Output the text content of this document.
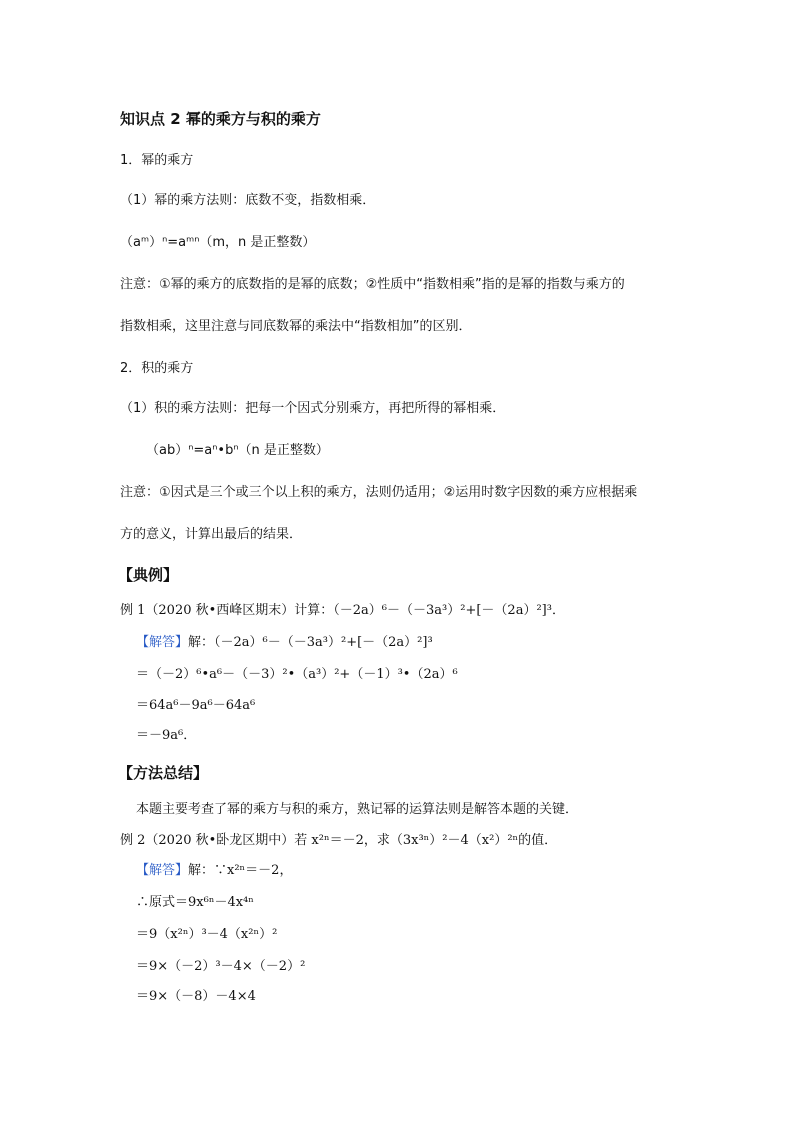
知识点 2 幂的乘方与积的乘方
1．幂的乘方
（1）幂的乘方法则：底数不变，指数相乘．
（aᵐ）ⁿ=aᵐⁿ（m，n 是正整数）
注意：①幂的乘方的底数指的是幂的底数；②性质中“指数相乘”指的是幂的指数与乘方的
指数相乘，这里注意与同底数幂的乘法中“指数相加”的区别．
2．积的乘方
（1）积的乘方法则：把每一个因式分别乘方，再把所得的幂相乘．
（ab）ⁿ=aⁿ•bⁿ（n 是正整数）
注意：①因式是三个或三个以上积的乘方，法则仍适用；②运用时数字因数的乘方应根据乘
方的意义，计算出最后的结果．
【典例】
例 1（2020 秋•西峰区期末）计算：（－2a）⁶－（－3a³）²+[－（2a）²]³．
【解答】解：（－2a）⁶－（－3a³）²+[－（2a）²]³
＝（－2）⁶•a⁶－（－3）²•（a³）²+（－1）³•（2a）⁶
＝64a⁶－9a⁶－64a⁶
＝－9a⁶．
【方法总结】
本题主要考查了幂的乘方与积的乘方，熟记幂的运算法则是解答本题的关键．
例 2（2020 秋•卧龙区期中）若 x²ⁿ＝－2，求（3x³ⁿ）²－4（x²）²ⁿ的值．
【解答】解：∵x²ⁿ＝－2，
∴原式＝9x⁶ⁿ－4x⁴ⁿ
＝9（x²ⁿ）³－4（x²ⁿ）²
＝9×（－2）³－4×（－2）²
＝9×（－8）－4×4
